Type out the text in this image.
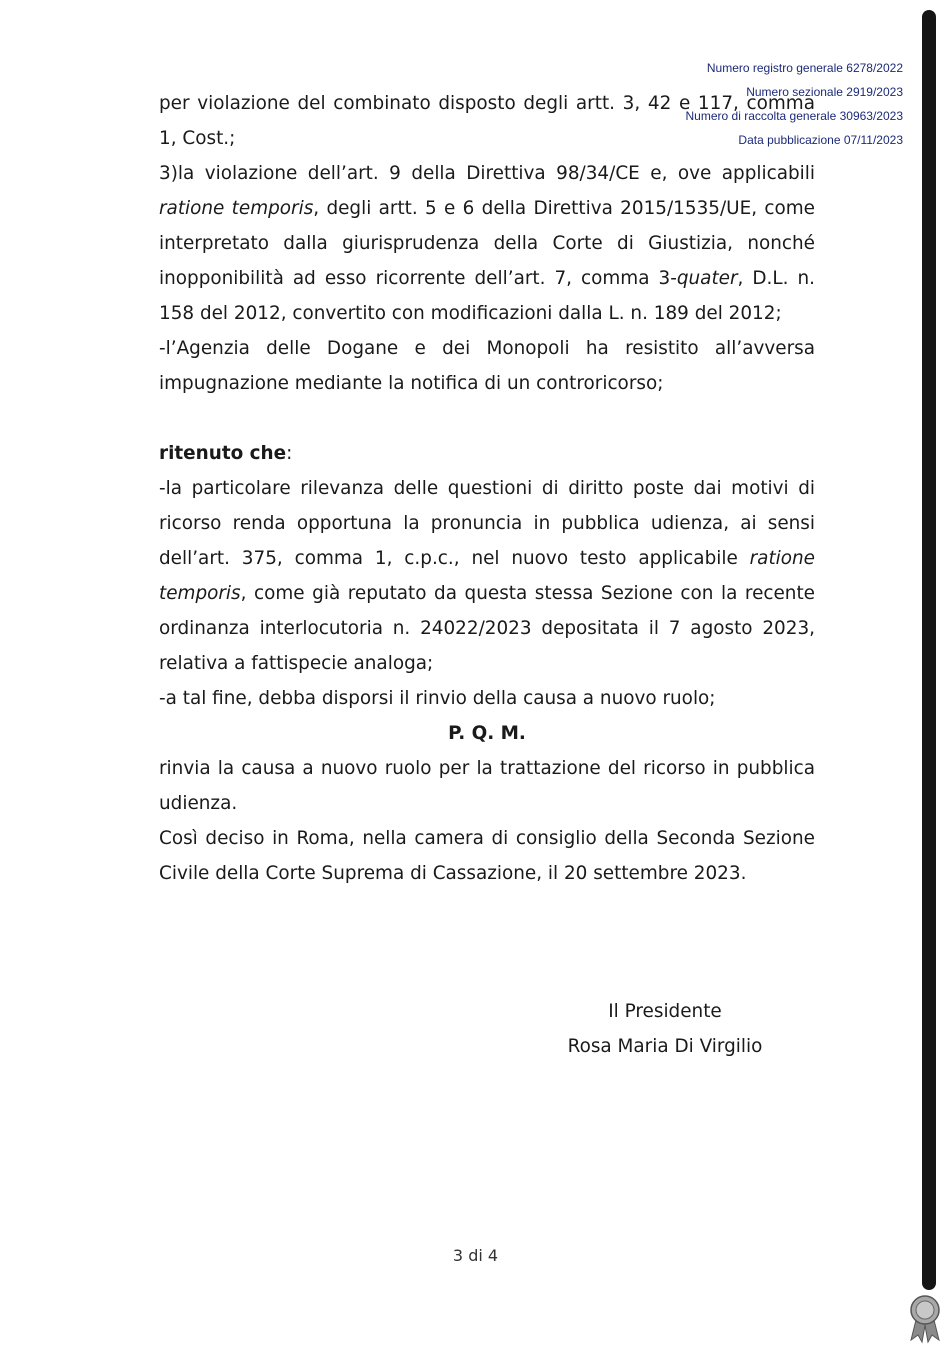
Numero registro generale 6278/2022
Numero sezionale 2919/2023
Numero di raccolta generale 30963/2023
Data pubblicazione 07/11/2023
per violazione del combinato disposto degli artt. 3, 42 e 117, comma 1, Cost.;
3)la violazione dell’art. 9 della Direttiva 98/34/CE e, ove applicabili ratione temporis, degli artt. 5 e 6 della Direttiva 2015/1535/UE, come interpretato dalla giurisprudenza della Corte di Giustizia, nonché inopponibilità ad esso ricorrente dell’art. 7, comma 3-quater, D.L. n. 158 del 2012, convertito con modificazioni dalla L. n. 189 del 2012;
-l’Agenzia delle Dogane e dei Monopoli ha resistito all’avversa impugnazione mediante la notifica di un controricorso;
ritenuto che:
-la particolare rilevanza delle questioni di diritto poste dai motivi di ricorso renda opportuna la pronuncia in pubblica udienza, ai sensi dell’art. 375, comma 1, c.p.c., nel nuovo testo applicabile ratione temporis, come già reputato da questa stessa Sezione con la recente ordinanza interlocutoria n. 24022/2023 depositata il 7 agosto 2023, relativa a fattispecie analoga;
-a tal fine, debba disporsi il rinvio della causa a nuovo ruolo;
P. Q. M.
rinvia la causa a nuovo ruolo per la trattazione del ricorso in pubblica udienza.
Così deciso in Roma, nella camera di consiglio della Seconda Sezione Civile della Corte Suprema di Cassazione, il 20 settembre 2023.
Il Presidente
Rosa Maria Di Virgilio
3 di 4
